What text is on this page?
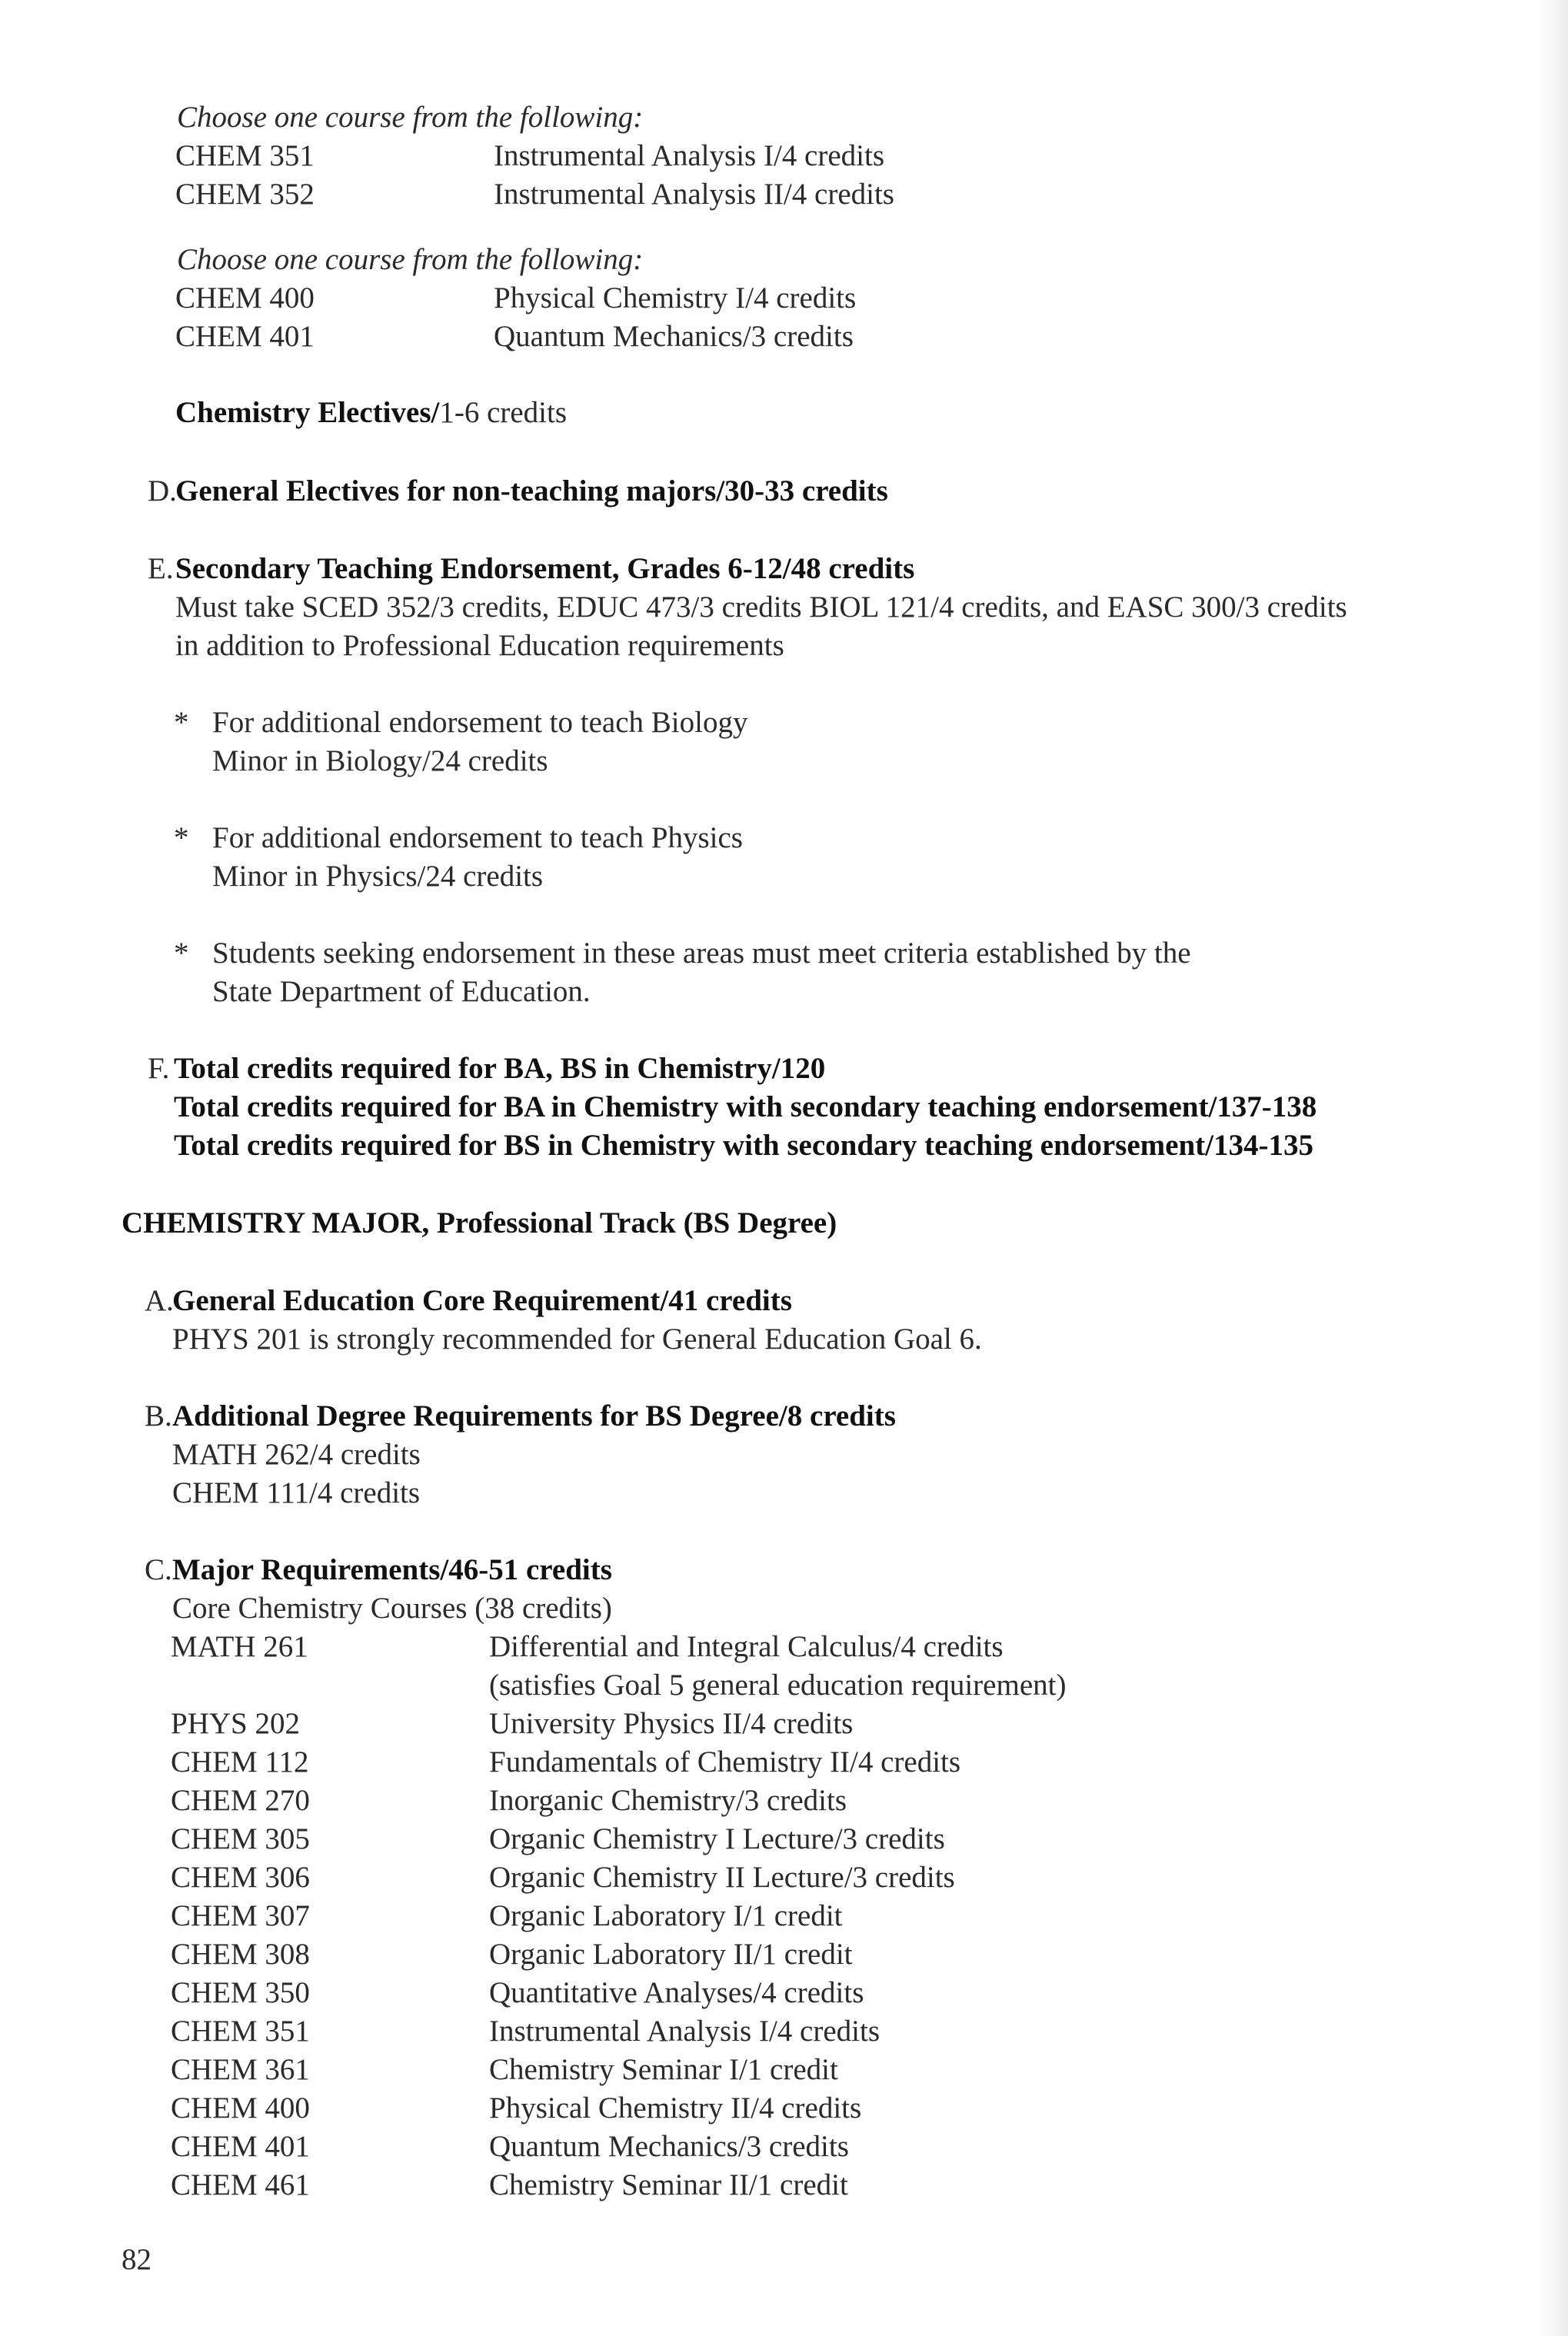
Choose one course from the following:
CHEM 351	Instrumental Analysis I/4 credits
CHEM 352	Instrumental Analysis II/4 credits
Choose one course from the following:
CHEM 400	Physical Chemistry I/4 credits
CHEM 401	Quantum Mechanics/3 credits
Chemistry Electives/1-6 credits
D.
General Electives for non-teaching majors/30-33 credits
E. Secondary Teaching Endorsement, Grades 6-12/48 credits
Must take SCED 352/3 credits, EDUC 473/3 credits BIOL 121/4 credits, and EASC 300/3 credits
in addition to Professional Education requirements
* For additional endorsement to teach Biology
Minor in Biology/24 credits
* For additional endorsement to teach Physics
Minor in Physics/24 credits
* Students seeking endorsement in these areas must meet criteria established by the
State Department of Education.
F. Total credits required for BA, BS in Chemistry/120
Total credits required for BA in Chemistry with secondary teaching endorsement/137-138
Total credits required for BS in Chemistry with secondary teaching endorsement/134-135
CHEMISTRY MAJOR, Professional Track (BS Degree)
A.
General Education Core Requirement/41 credits
PHYS 201 is strongly recommended for General Education Goal 6.
B. Additional Degree Requirements for BS Degree/8 credits
MATH 262/4 credits
CHEM 111/4 credits
C. Major Requirements/46-51 credits
Core Chemistry Courses (38 credits)
MATH 261	Differential and Integral Calculus/4 credits
(satisfies Goal 5 general education requirement)
PHYS 202	University Physics II/4 credits
CHEM 112	Fundamentals of Chemistry II/4 credits
CHEM 270	Inorganic Chemistry/3 credits
CHEM 305	Organic Chemistry I Lecture/3 credits
CHEM 306	Organic Chemistry II Lecture/3 credits
CHEM 307	Organic Laboratory I/1 credit
CHEM 308	Organic Laboratory II/1 credit
CHEM 350	Quantitative Analyses/4 credits
CHEM 351	Instrumental Analysis I/4 credits
CHEM 361	Chemistry Seminar I/1 credit
CHEM 400	Physical Chemistry II/4 credits
CHEM 401	Quantum Mechanics/3 credits
CHEM 461	Chemistry Seminar II/1 credit
82
